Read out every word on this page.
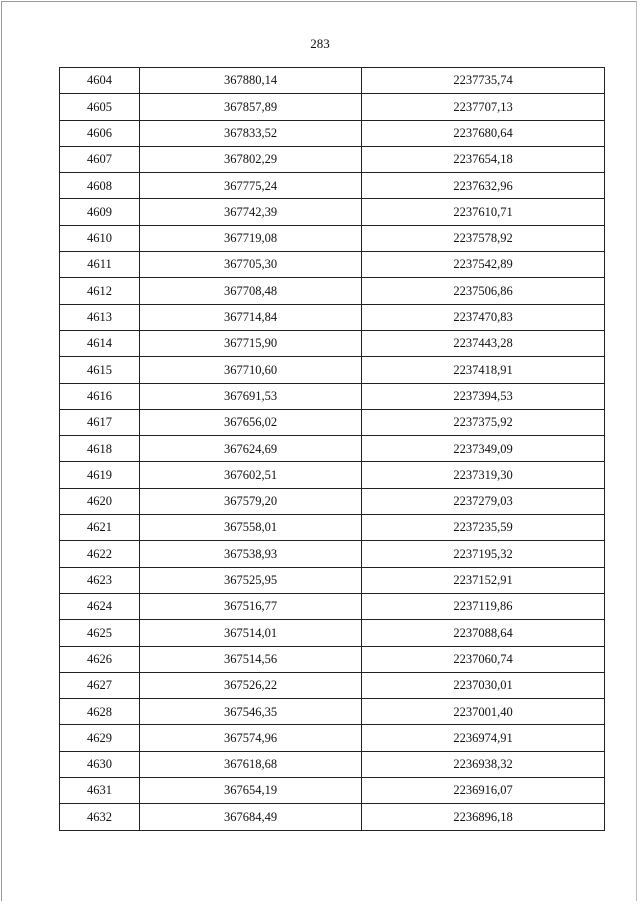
283
4604	367880,14	2237735,74
4605	367857,89	2237707,13
4606	367833,52	2237680,64
4607	367802,29	2237654,18
4608	367775,24	2237632,96
4609	367742,39	2237610,71
4610	367719,08	2237578,92
4611	367705,30	2237542,89
4612	367708,48	2237506,86
4613	367714,84	2237470,83
4614	367715,90	2237443,28
4615	367710,60	2237418,91
4616	367691,53	2237394,53
4617	367656,02	2237375,92
4618	367624,69	2237349,09
4619	367602,51	2237319,30
4620	367579,20	2237279,03
4621	367558,01	2237235,59
4622	367538,93	2237195,32
4623	367525,95	2237152,91
4624	367516,77	2237119,86
4625	367514,01	2237088,64
4626	367514,56	2237060,74
4627	367526,22	2237030,01
4628	367546,35	2237001,40
4629	367574,96	2236974,91
4630	367618,68	2236938,32
4631	367654,19	2236916,07
4632	367684,49	2236896,18
